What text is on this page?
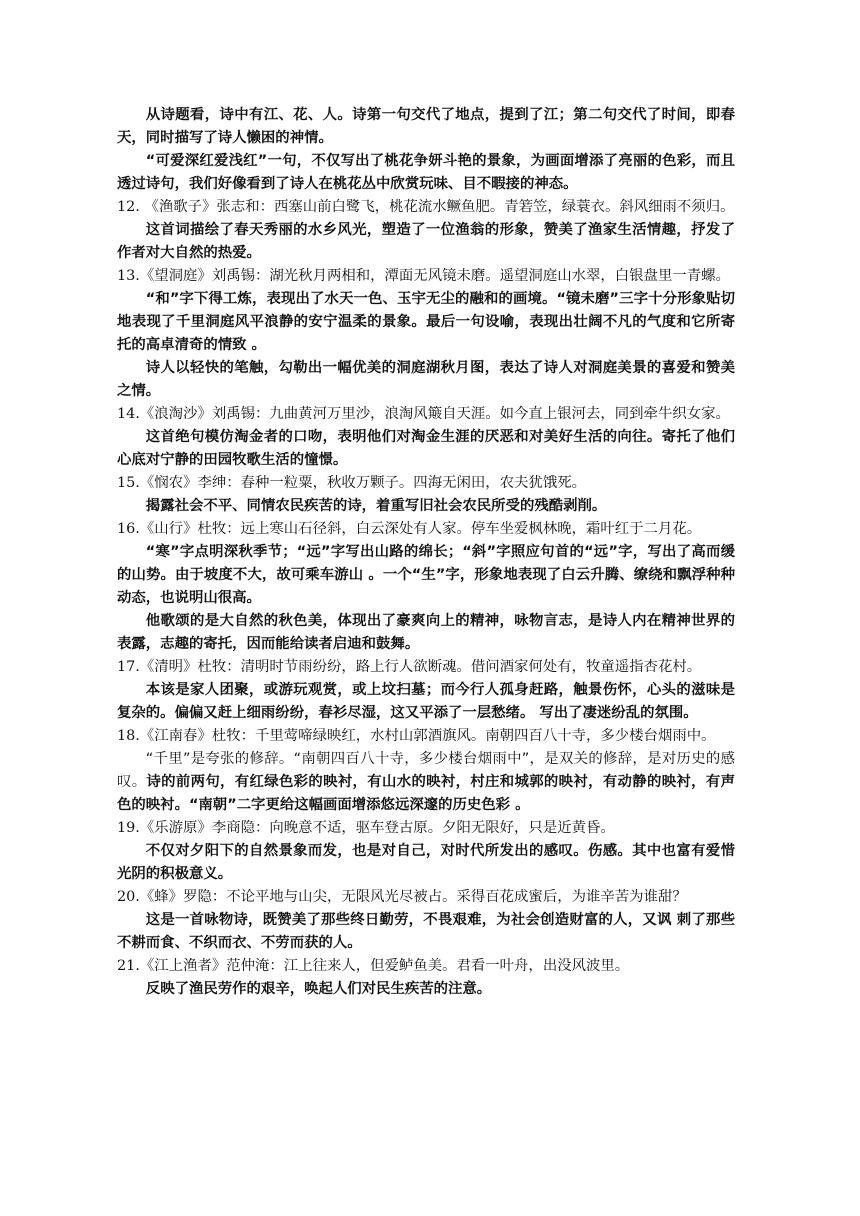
从诗题看，诗中有江、花、人。诗第一句交代了地点，提到了江；第二句交代了时间，即春天，同时描写了诗人懒困的神情。

“可爱深红爱浅红”一句，不仅写出了桃花争妍斗艳的景象，为画面增添了亮丽的色彩，而且透过诗句，我们好像看到了诗人在桃花丛中欣赏玩味、目不暇接的神态。

12. 《渔歌子》张志和：西塞山前白鹭飞，桃花流水鳜鱼肥。青箬笠，绿蓑衣。斜风细雨不须归。

这首词描绘了春天秀丽的水乡风光，塑造了一位渔翁的形象，赞美了渔家生活情趣，抒发了作者对大自然的热爱。

13.《望洞庭》刘禹锡：湖光秋月两相和，潭面无风镜未磨。遥望洞庭山水翠，白银盘里一青螺。

“和”字下得工炼，表现出了水天一色、玉宇无尘的融和的画境。“镜未磨”三字十分形象贴切地表现了千里洞庭风平浪静的安宁温柔的景象。最后一句设喻，表现出壮阔不凡的气度和它所寄托的高卓清奇的情致 。

诗人以轻快的笔触，勾勒出一幅优美的洞庭湖秋月图，表达了诗人对洞庭美景的喜爱和赞美之情。

14.《浪淘沙》刘禹锡：九曲黄河万里沙，浪淘风簸自天涯。如今直上银河去，同到牵牛织女家。

这首绝句模仿淘金者的口吻，表明他们对淘金生涯的厌恶和对美好生活的向往。寄托了他们心底对宁静的田园牧歌生活的憧憬。

15.《悯农》李绅：春种一粒粟，秋收万颗子。四海无闲田，农夫犹饿死。

揭露社会不平、同情农民疾苦的诗，着重写旧社会农民所受的残酷剥削。

16.《山行》杜牧：远上寒山石径斜，白云深处有人家。停车坐爱枫林晚，霜叶红于二月花。

“寒”字点明深秋季节；“远”字写出山路的绵长；“斜”字照应句首的“远”字，写出了高而缓的山势。由于坡度不大，故可乘车游山 。一个“生”字，形象地表现了白云升腾、缭绕和飘浮种种动态，也说明山很高。

他歌颂的是大自然的秋色美，体现出了豪爽向上的精神，咏物言志，是诗人内在精神世界的表露，志趣的寄托，因而能给读者启迪和鼓舞。

17.《清明》杜牧：清明时节雨纷纷，路上行人欲断魂。借问酒家何处有，牧童遥指杏花村。

本该是家人团聚，或游玩观赏，或上坟扫墓；而今行人孤身赶路，触景伤怀，心头的滋味是复杂的。偏偏又赶上细雨纷纷，春衫尽湿，这又平添了一层愁绪。 写出了凄迷纷乱的氛围。

18.《江南春》杜牧：千里莺啼绿映红，水村山郭酒旗风。南朝四百八十寺，多少楼台烟雨中。

“千里”是夸张的修辞。“南朝四百八十寺，多少楼台烟雨中”，是双关的修辞，是对历史的感叹。诗的前两句，有红绿色彩的映衬，有山水的映衬，村庄和城郭的映衬，有动静的映衬，有声色的映衬。“南朝”二字更给这幅画面增添悠远深邃的历史色彩 。

19.《乐游原》李商隐：向晚意不适，驱车登古原。夕阳无限好，只是近黄昏。

不仅对夕阳下的自然景象而发，也是对自己，对时代所发出的感叹。伤感。其中也富有爱惜光阴的积极意义。

20.《蜂》罗隐：不论平地与山尖，无限风光尽被占。采得百花成蜜后，为谁辛苦为谁甜？

这是一首咏物诗，既赞美了那些终日勤劳，不畏艰难，为社会创造财富的人，又讽 刺了那些不耕而食、不织而衣、不劳而获的人。

21.《江上渔者》范仲淹：江上往来人，但爱鲈鱼美。君看一叶舟，出没风波里。

反映了渔民劳作的艰辛，唤起人们对民生疾苦的注意。
